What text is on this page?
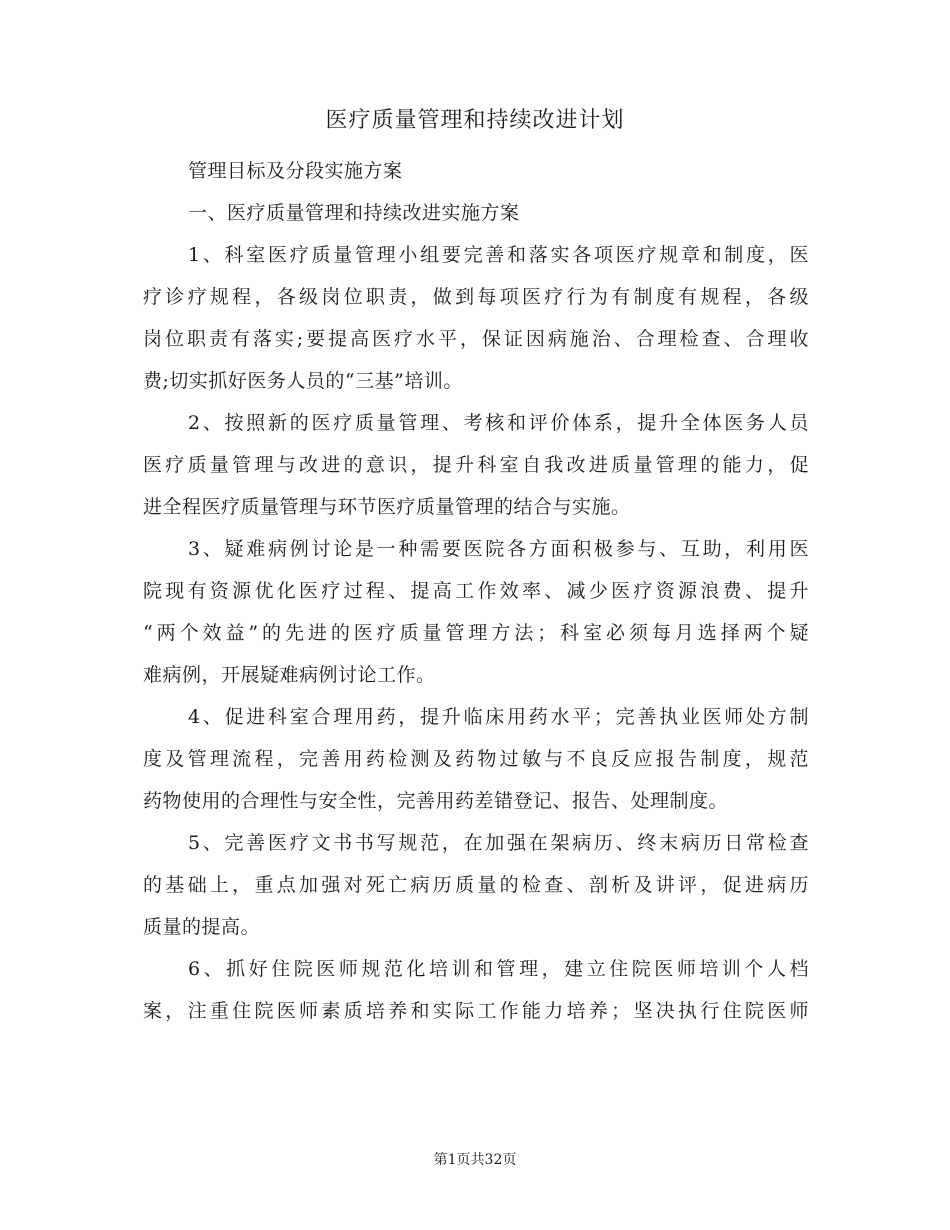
医疗质量管理和持续改进计划
管理目标及分段实施方案
一、医疗质量管理和持续改进实施方案
1、科室医疗质量管理小组要完善和落实各项医疗规章和制度，医
疗诊疗规程，各级岗位职责，做到每项医疗行为有制度有规程，各级
岗位职责有落实;要提高医疗水平，保证因病施治、合理检查、合理收
费;切实抓好医务人员的“三基”培训。
2、按照新的医疗质量管理、考核和评价体系，提升全体医务人员
医疗质量管理与改进的意识，提升科室自我改进质量管理的能力，促
进全程医疗质量管理与环节医疗质量管理的结合与实施。
3、疑难病例讨论是一种需要医院各方面积极参与、互助，利用医
院现有资源优化医疗过程、提高工作效率、减少医疗资源浪费、提升
“两个效益”的先进的医疗质量管理方法；科室必须每月选择两个疑
难病例，开展疑难病例讨论工作。
4、促进科室合理用药，提升临床用药水平；完善执业医师处方制
度及管理流程，完善用药检测及药物过敏与不良反应报告制度，规范
药物使用的合理性与安全性，完善用药差错登记、报告、处理制度。
5、完善医疗文书书写规范，在加强在架病历、终末病历日常检查
的基础上，重点加强对死亡病历质量的检查、剖析及讲评，促进病历
质量的提高。
6、抓好住院医师规范化培训和管理，建立住院医师培训个人档
案，注重住院医师素质培养和实际工作能力培养；坚决执行住院医师
第1页共32页
